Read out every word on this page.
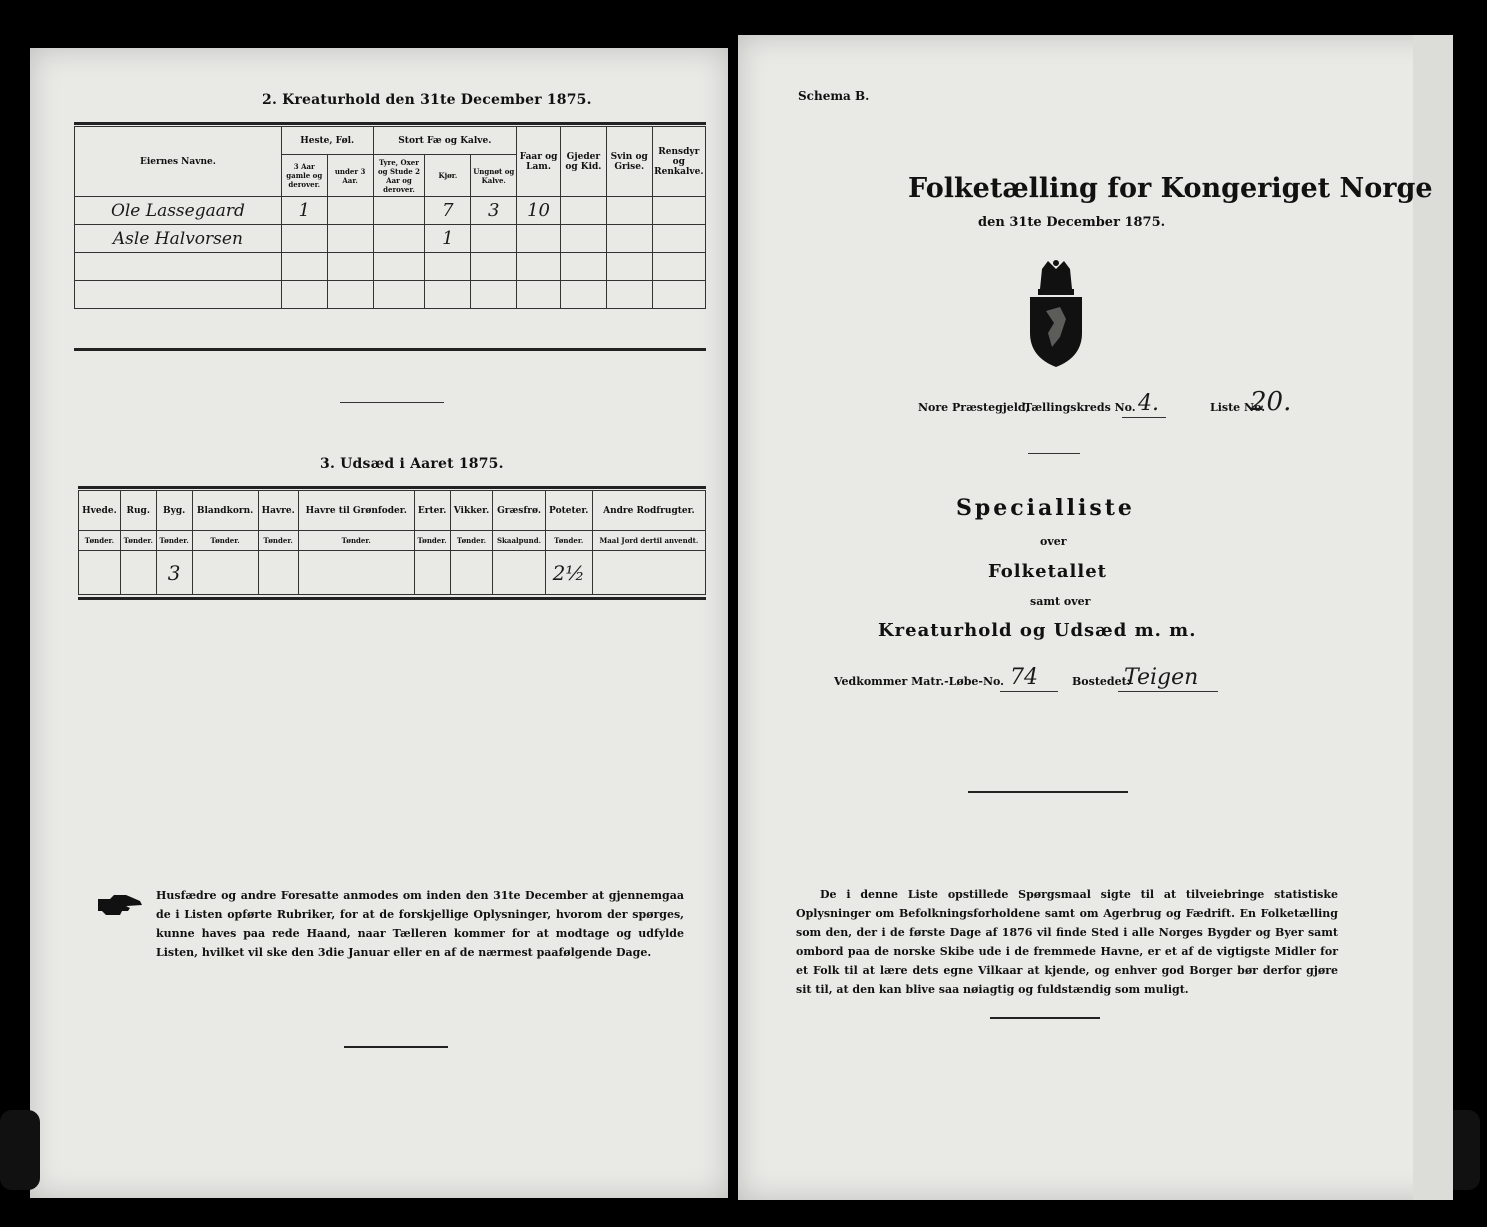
2. Kreaturhold den 31te December 1875.
Eiernes Navne.	Heste, Føl.		Stort Fæ og Kalve.			Faar og Lam.	Gjeder og Kid.	Svin og Grise.	Rensdyr og Renkalve.
	3 Aar gamle og derover.	under 3 Aar.	Tyre, Oxer og Stude 2 Aar og derover.	Kjør.	Ungnøt og Kalve.				
Ole Lassegaard	1			7	3	10			
Asle Halvorsen				1					

3. Udsæd i Aaret 1875.
Hvede.	Rug.	Byg.	Blandkorn.	Havre.	Havre til Grønfoder.	Erter.	Vikker.	Græsfrø.	Poteter.	Andre Rodfrugter.
Tønder.	Tønder.	Tønder.	Tønder.	Tønder.	Tønder.	Tønder.	Tønder.	Skaalpund.	Tønder.	Maal Jord dertil anvendt.
		3							2½	
Husfædre og andre Foresatte anmodes om inden den 31te December at gjennemgaa de i Listen opførte Rubriker, for at de forskjellige Oplysninger, hvorom der spørges, kunne haves paa rede Haand, naar Tælleren kommer for at modtage og udfylde Listen, hvilket vil ske den 3die Januar eller en af de nærmest paafølgende Dage.
Schema B.
Folketælling for Kongeriget Norge
den 31te December 1875.
Nore Præstegjeld,
Tællingskreds No. 4.	Liste No.
20.
Specialliste
over
Folketallet
samt over
Kreaturhold og Udsæd m. m.
Vedkommer Matr.-Løbe-No. 74	Bostedet:
Teigen
De i denne Liste opstillede Spørgsmaal sigte til at tilveiebringe statistiske Oplysninger om Befolkningsforholdene samt om Agerbrug og Fædrift. En Folketælling som den, der i de første Dage af 1876 vil finde Sted i alle Norges Bygder og Byer samt ombord paa de norske Skibe ude i de fremmede Havne, er et af de vigtigste Midler for et Folk til at lære dets egne Vilkaar at kjende, og enhver god Borger bør derfor gjøre sit til, at den kan blive saa nøiagtig og fuldstændig som muligt.
